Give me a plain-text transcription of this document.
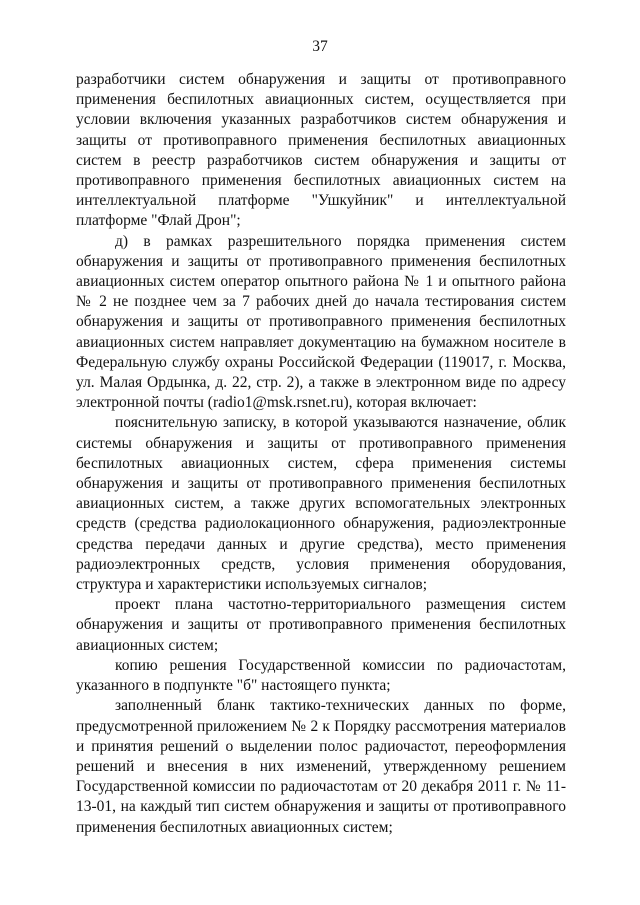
37

разработчики систем обнаружения и защиты от противоправного применения беспилотных авиационных систем, осуществляется при условии включения указанных разработчиков систем обнаружения и защиты от противоправного применения беспилотных авиационных систем в реестр разработчиков систем обнаружения и защиты от противоправного применения беспилотных авиационных систем на интеллектуальной платформе "Ушкуйник" и интеллектуальной платформе "Флай Дрон";

д) в рамках разрешительного порядка применения систем обнаружения и защиты от противоправного применения беспилотных авиационных систем оператор опытного района № 1 и опытного района № 2 не позднее чем за 7 рабочих дней до начала тестирования систем обнаружения и защиты от противоправного применения беспилотных авиационных систем направляет документацию на бумажном носителе в Федеральную службу охраны Российской Федерации (119017, г. Москва, ул. Малая Ордынка, д. 22, стр. 2), а также в электронном виде по адресу электронной почты (radio1@msk.rsnet.ru), которая включает:

пояснительную записку, в которой указываются назначение, облик системы обнаружения и защиты от противоправного применения беспилотных авиационных систем, сфера применения системы обнаружения и защиты от противоправного применения беспилотных авиационных систем, а также других вспомогательных электронных средств (средства радиолокационного обнаружения, радиоэлектронные средства передачи данных и другие средства), место применения радиоэлектронных средств, условия применения оборудования, структура и характеристики используемых сигналов;

проект плана частотно-территориального размещения систем обнаружения и защиты от противоправного применения беспилотных авиационных систем;

копию решения Государственной комиссии по радиочастотам, указанного в подпункте "б" настоящего пункта;

заполненный бланк тактико-технических данных по форме, предусмотренной приложением № 2 к Порядку рассмотрения материалов и принятия решений о выделении полос радиочастот, переоформления решений и внесения в них изменений, утвержденному решением Государственной комиссии по радиочастотам от 20 декабря 2011 г. № 11-13-01, на каждый тип систем обнаружения и защиты от противоправного применения беспилотных авиационных систем;
